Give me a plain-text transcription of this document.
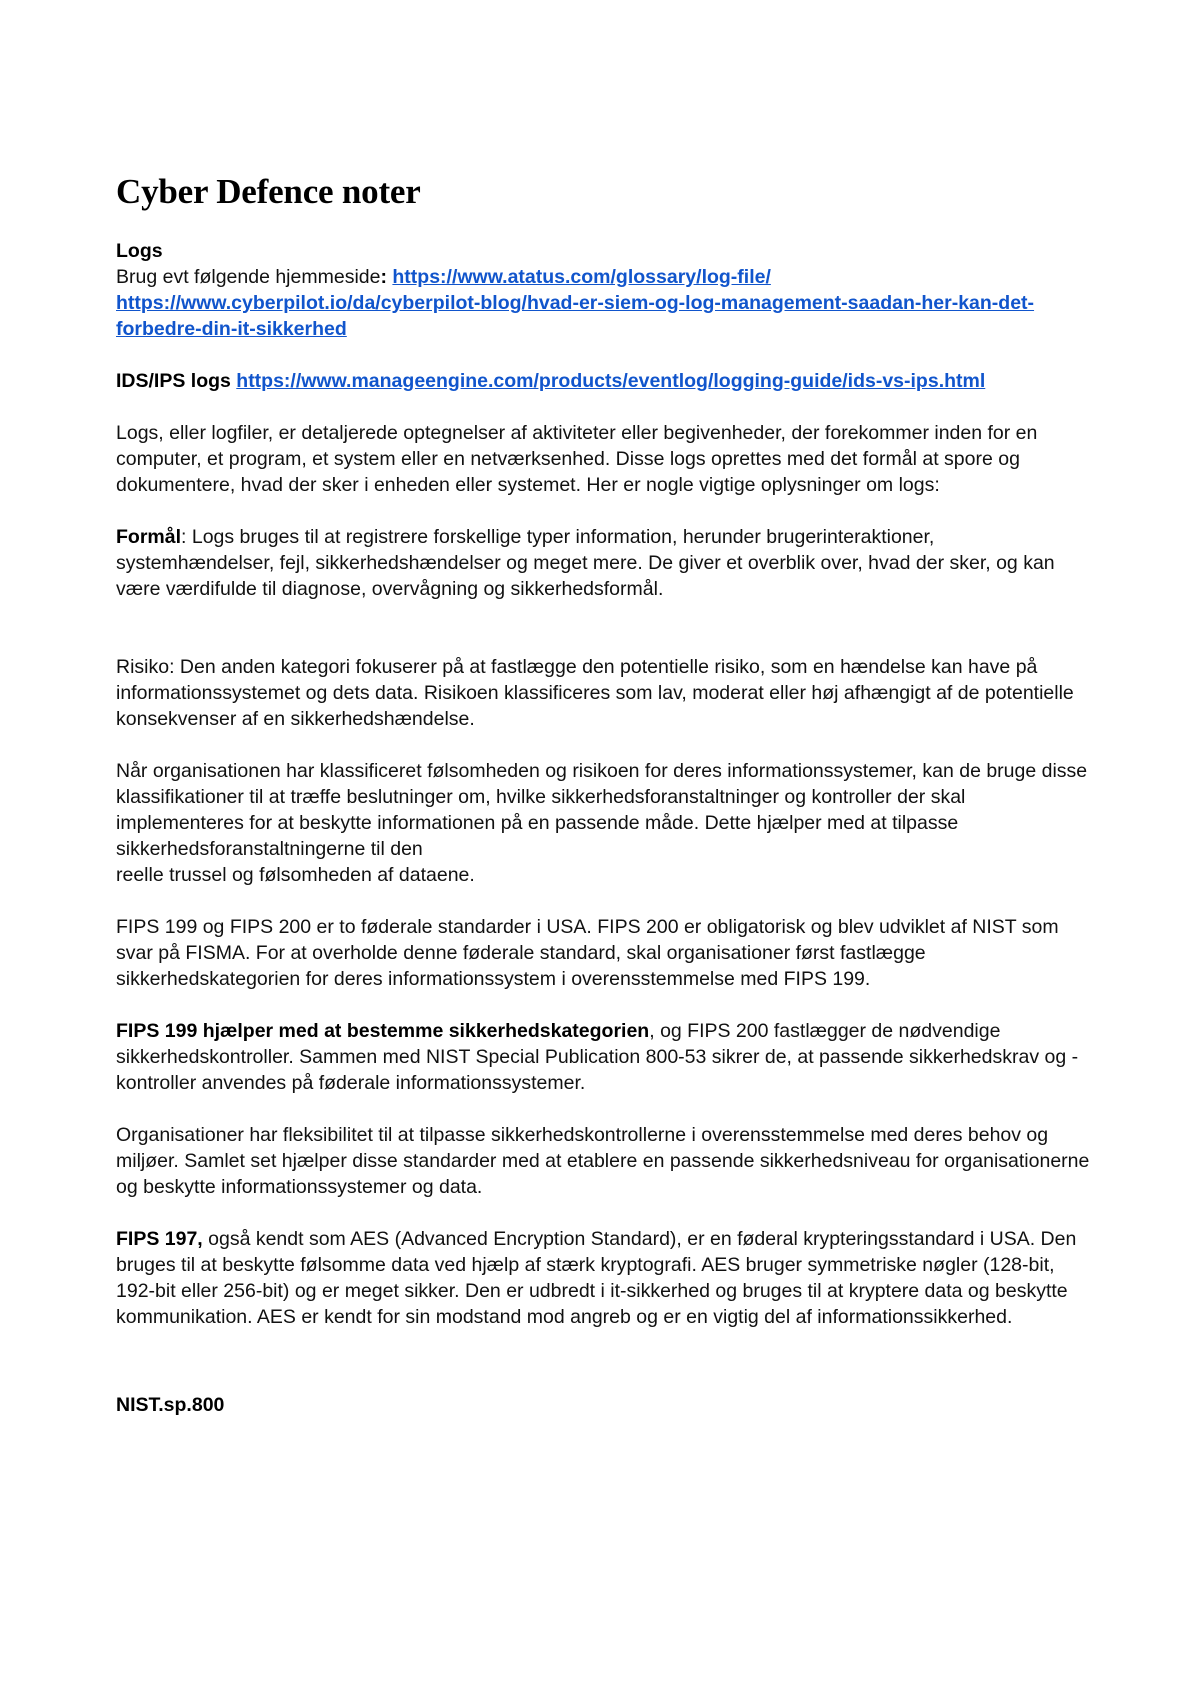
Cyber Defence noter

Logs
Brug evt følgende hjemmeside: https://www.atatus.com/glossary/log-file/
https://www.cyberpilot.io/da/cyberpilot-blog/hvad-er-siem-og-log-management-saadan-her-kan-det-forbedre-din-it-sikkerhed

IDS/IPS logs https://www.manageengine.com/products/eventlog/logging-guide/ids-vs-ips.html

Logs, eller logfiler, er detaljerede optegnelser af aktiviteter eller begivenheder, der forekommer inden for en computer, et program, et system eller en netværksenhed. Disse logs oprettes med det formål at spore og dokumentere, hvad der sker i enheden eller systemet. Her er nogle vigtige oplysninger om logs:

Formål: Logs bruges til at registrere forskellige typer information, herunder brugerinteraktioner, systemhændelser, fejl, sikkerhedshændelser og meget mere. De giver et overblik over, hvad der sker, og kan være værdifulde til diagnose, overvågning og sikkerhedsformål.

Risiko: Den anden kategori fokuserer på at fastlægge den potentielle risiko, som en hændelse kan have på informationssystemet og dets data. Risikoen klassificeres som lav, moderat eller høj afhængigt af de potentielle konsekvenser af en sikkerhedshændelse.

Når organisationen har klassificeret følsomheden og risikoen for deres informationssystemer, kan de bruge disse klassifikationer til at træffe beslutninger om, hvilke sikkerhedsforanstaltninger og kontroller der skal implementeres for at beskytte informationen på en passende måde. Dette hjælper med at tilpasse sikkerhedsforanstaltningerne til den
reelle trussel og følsomheden af dataene.

FIPS 199 og FIPS 200 er to føderale standarder i USA. FIPS 200 er obligatorisk og blev udviklet af NIST som svar på FISMA. For at overholde denne føderale standard, skal organisationer først fastlægge sikkerhedskategorien for deres informationssystem i overensstemmelse med FIPS 199.

FIPS 199 hjælper med at bestemme sikkerhedskategorien, og FIPS 200 fastlægger de nødvendige sikkerhedskontroller. Sammen med NIST Special Publication 800-53 sikrer de, at passende sikkerhedskrav og -kontroller anvendes på føderale informationssystemer.

Organisationer har fleksibilitet til at tilpasse sikkerhedskontrollerne i overensstemmelse med deres behov og miljøer. Samlet set hjælper disse standarder med at etablere en passende sikkerhedsniveau for organisationerne og beskytte informationssystemer og data.

FIPS 197, også kendt som AES (Advanced Encryption Standard), er en føderal krypteringsstandard i USA. Den bruges til at beskytte følsomme data ved hjælp af stærk kryptografi. AES bruger symmetriske nøgler (128-bit, 192-bit eller 256-bit) og er meget sikker. Den er udbredt i it-sikkerhed og bruges til at kryptere data og beskytte kommunikation. AES er kendt for sin modstand mod angreb og er en vigtig del af informationssikkerhed.

NIST.sp.800
